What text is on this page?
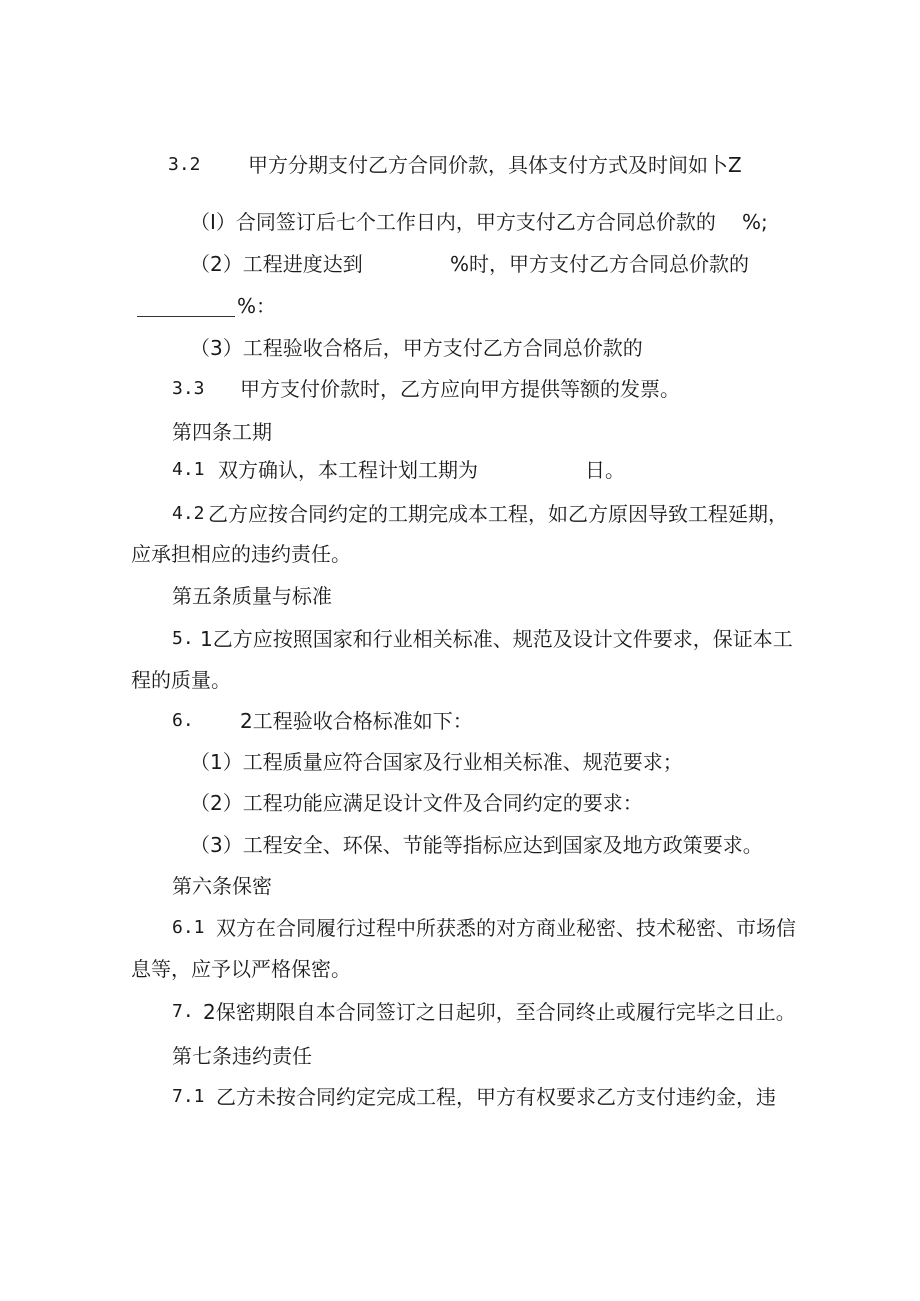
3.2 甲方分期支付乙方合同价款，具体支付方式及时间如卜Z
（I）合同签订后七个工作日内，甲方支付乙方合同总价款的 %;
（2）工程进度达到	%时，甲方支付乙方合同总价款的
%：
（3）工程验收合格后，甲方支付乙方合同总价款的
3.3 甲方支付价款时，乙方应向甲方提供等额的发票。
第四条工期
4.1 双方确认，本工程计划工期为	日。
4.2 乙方应按合同约定的工期完成本工程，如乙方原因导致工程延期，
应承担相应的违约责任。
第五条质量与标准
5. 1乙方应按照国家和行业相关标准、规范及设计文件要求，保证本工
程的质量。
6. 2工程验收合格标准如下：
（1）工程质量应符合国家及行业相关标准、规范要求；
（2）工程功能应满足设计文件及合同约定的要求：
（3）工程安全、环保、节能等指标应达到国家及地方政策要求。
第六条保密
6.1 双方在合同履行过程中所获悉的对方商业秘密、技术秘密、市场信
息等，应予以严格保密。
7. 2保密期限自本合同签订之日起卯，至合同终止或履行完毕之日止。
第七条违约责任
7.1 乙方未按合同约定完成工程，甲方有权要求乙方支付违约金，违
